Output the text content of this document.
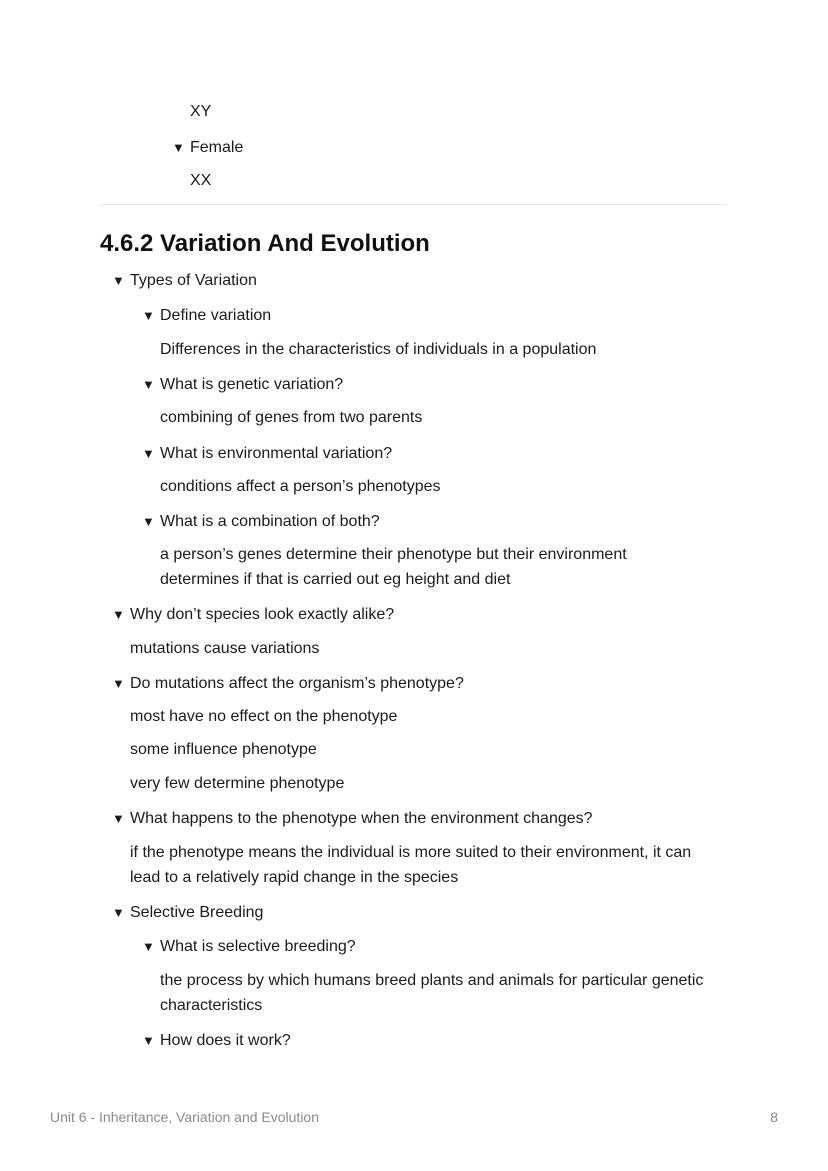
XY
▼ Female
XX
4.6.2 Variation And Evolution
▼ Types of Variation
▼ Define variation
Differences in the characteristics of individuals in a population
▼ What is genetic variation?
combining of genes from two parents
▼ What is environmental variation?
conditions affect a person’s phenotypes
▼ What is a combination of both?
a person’s genes determine their phenotype but their environment
determines if that is carried out eg height and diet
▼ Why don’t species look exactly alike?
mutations cause variations
▼ Do mutations affect the organism’s phenotype?
most have no effect on the phenotype
some influence phenotype
very few determine phenotype
▼ What happens to the phenotype when the environment changes?
if the phenotype means the individual is more suited to their environment, it can
lead to a relatively rapid change in the species
▼ Selective Breeding
▼ What is selective breeding?
the process by which humans breed plants and animals for particular genetic
characteristics
▼ How does it work?
Unit 6 - Inheritance, Variation and Evolution	8
